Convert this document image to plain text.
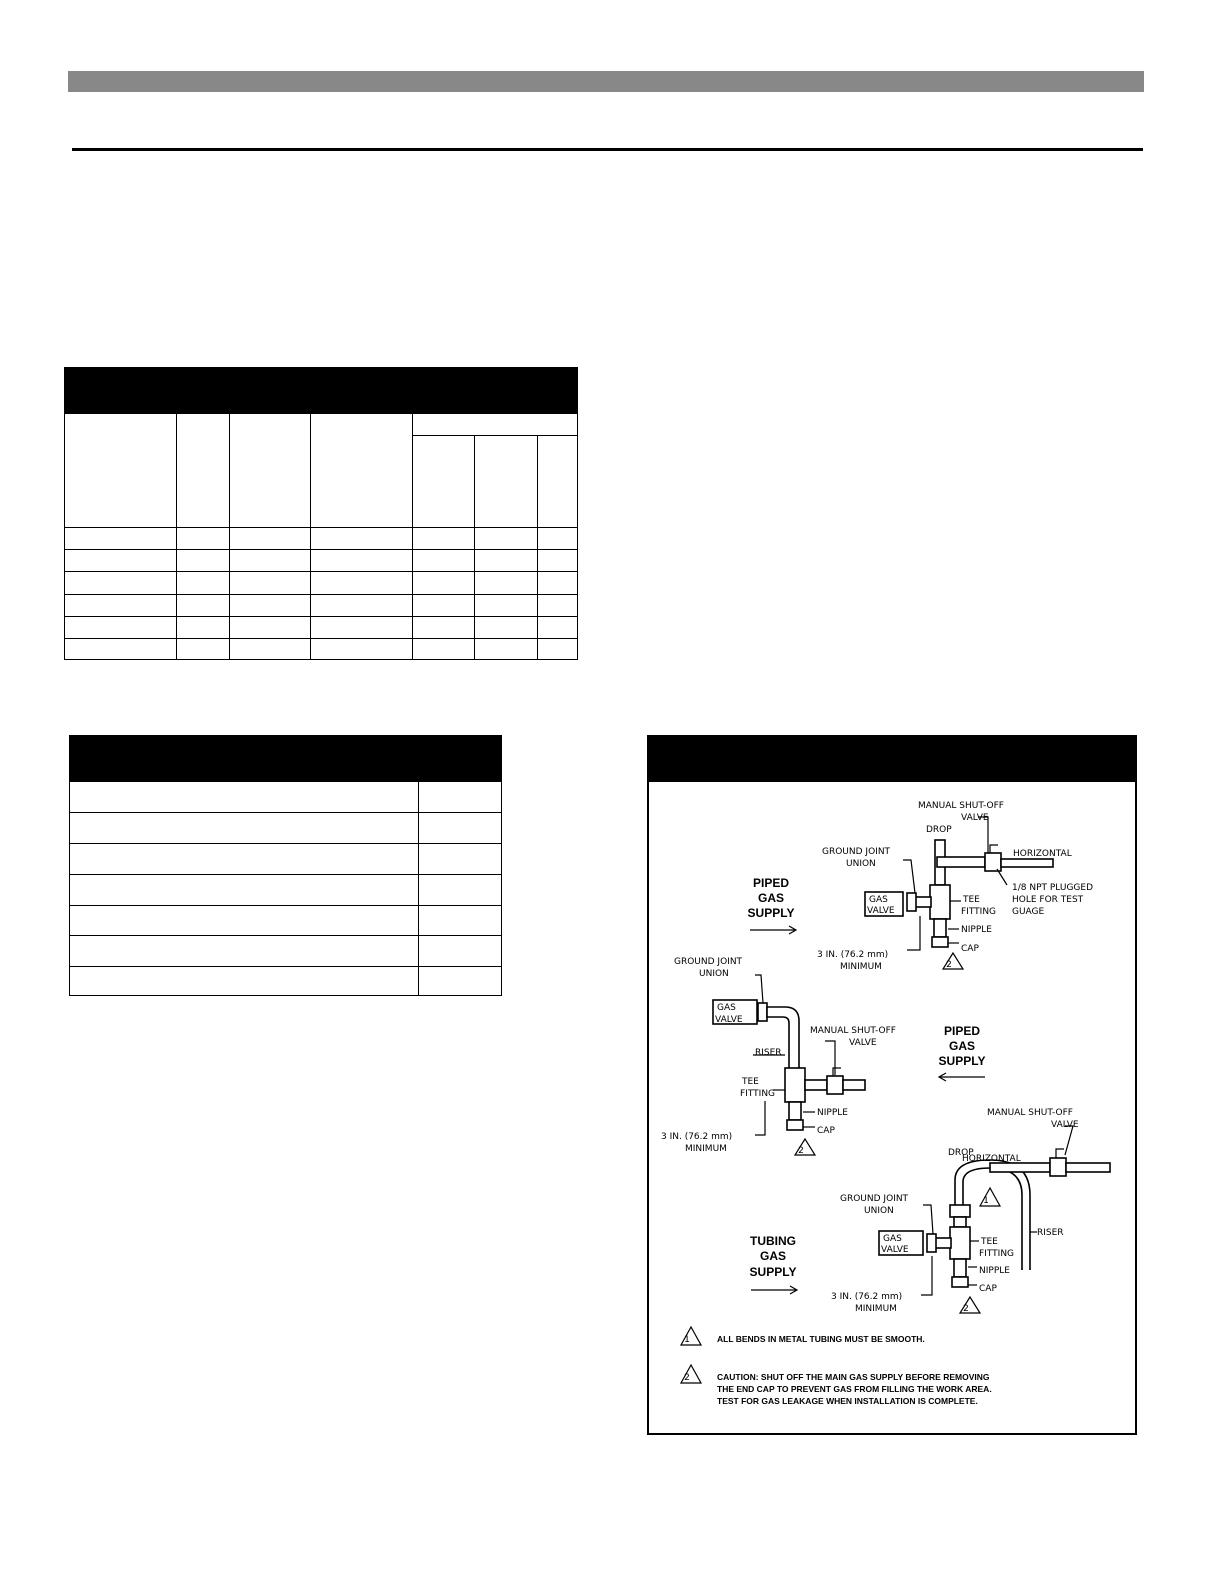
2
MANUAL SHUT-OFF
VALVE
DROP
HORIZONTAL
GROUND JOINT
UNION
1/8 NPT PLUGGED
HOLE FOR TEST
GUAGE
GAS
VALVE
TEE
FITTING
NIPPLE
CAP
3 IN. (76.2 mm)
MINIMUM
PIPED
GAS
SUPPLY
2
GROUND JOINT
UNION
GAS
VALVE
MANUAL SHUT-OFF
VALVE
RISER
TEE
FITTING
NIPPLE
CAP
3 IN. (76.2 mm)
MINIMUM
PIPED
GAS
SUPPLY
1
2
MANUAL SHUT-OFF
VALVE
DROP
HORIZONTAL
GROUND JOINT
UNION
RISER
GAS
VALVE
TEE
FITTING
NIPPLE
CAP
3 IN. (76.2 mm)
MINIMUM
TUBING
GAS
SUPPLY
1	ALL BENDS IN METAL TUBING MUST BE SMOOTH.
2	CAUTION: SHUT OFF THE MAIN GAS SUPPLY BEFORE REMOVING
THE END CAP TO PREVENT GAS FROM FILLING THE WORK AREA.
TEST FOR GAS LEAKAGE WHEN INSTALLATION IS COMPLETE.
